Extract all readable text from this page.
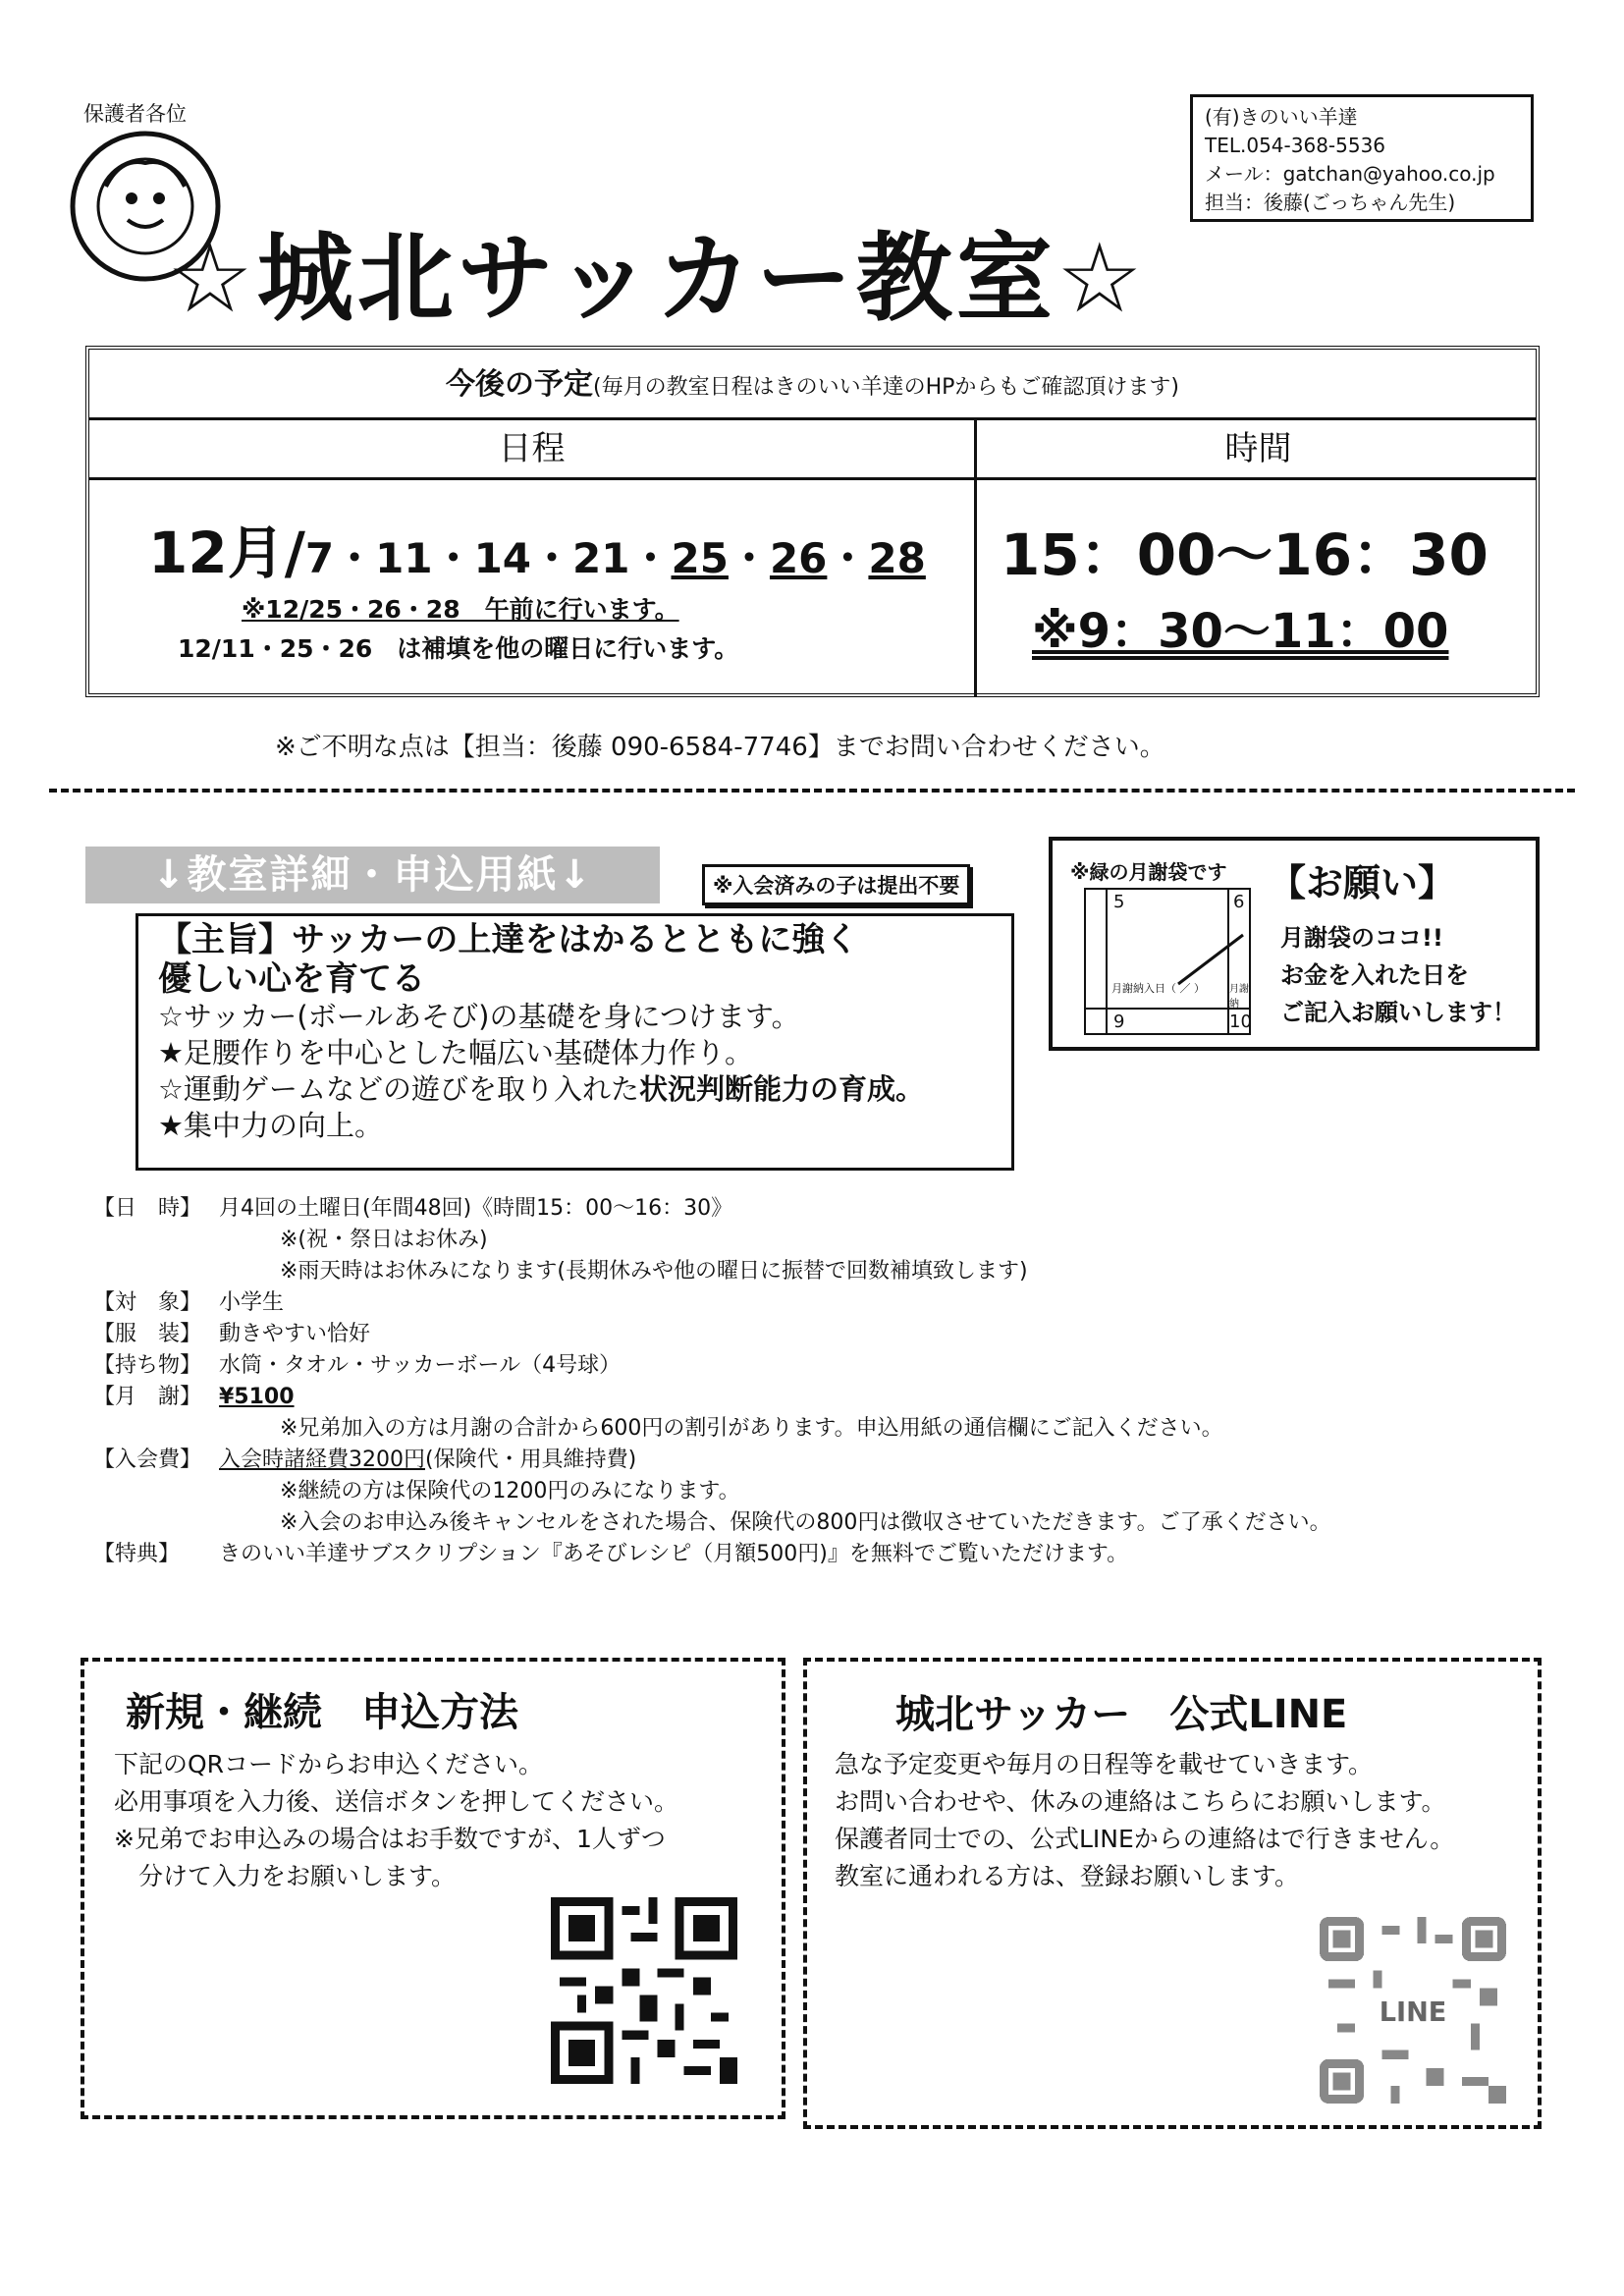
保護者各位	(有)きのいい羊達
TEL.054-368-5536
メール：gatchan@yahoo.co.jp
担当：後藤(ごっちゃん先生)
☆城北サッカー教室☆
今後の予定(毎月の教室日程はきのいい羊達のHPからもご確認頂けます)
日程	時間
12月/7・11・14・21・25・26・28
※12/25・26・28　午前に行います。
12/11・25・26　は補填を他の曜日に行います。
15：00～16：30
※9：30～11：00
※ご不明な点は【担当：後藤 090-6584-7746】までお問い合わせください。
↓教室詳細・申込用紙↓	※入会済みの子は提出不要
【主旨】サッカーの上達をはかるとともに強く
優しい心を育てる
☆サッカー(ボールあそび)の基礎を身につけます。
★足腰作りを中心とした幅広い基礎体力作り。
☆運動ゲームなどの遊びを取り入れた状況判断能力の育成。
★集中力の向上。
※緑の月謝袋です
5	6
9	10
月謝納入日（ ／ ）	月謝納
【お願い】
月謝袋のココ!!
お金を入れた日を
ご記入お願いします！
【日　時】 月4回の土曜日(年間48回)《時間15：00～16：30》
※(祝・祭日はお休み)
※雨天時はお休みになります(長期休みや他の曜日に振替で回数補填致します)
【対　象】 小学生
【服　装】 動きやすい恰好
【持ち物】 水筒・タオル・サッカーボール（4号球）
【月　謝】 ¥5100
※兄弟加入の方は月謝の合計から600円の割引があります。申込用紙の通信欄にご記入ください。
【入会費】 入会時諸経費3200円(保険代・用具維持費)
※継続の方は保険代の1200円のみになります。
※入会のお申込み後キャンセルをされた場合、保険代の800円は徴収させていただきます。ご了承ください。
【特典】 きのいい羊達サブスクリプション『あそびレシピ（月額500円)』を無料でご覧いただけます。
新規・継続　申込方法
下記のQRコードからお申込ください。
必用事項を入力後、送信ボタンを押してください。
※兄弟でお申込みの場合はお手数ですが、1人ずつ
　分けて入力をお願いします。
城北サッカー　公式LINE
急な予定変更や毎月の日程等を載せていきます。
お問い合わせや、休みの連絡はこちらにお願いします。
保護者同士での、公式LINEからの連絡はで行きません。
教室に通われる方は、登録お願いします。
LINE
